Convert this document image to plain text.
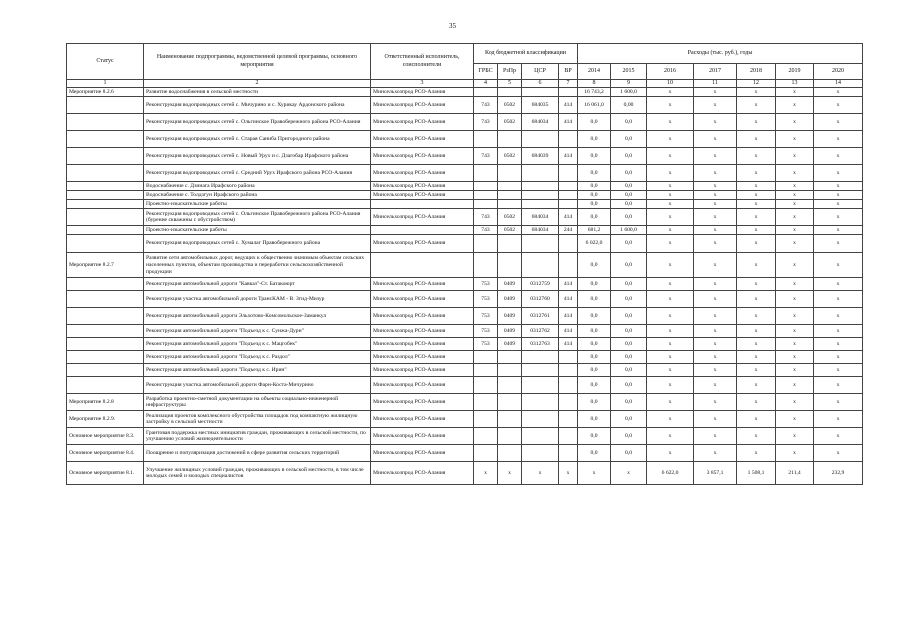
35
Статус	Наименование подпрограммы, ведомственной целевой программы, основного мероприятия	Ответственный исполнитель, соисполнители	Код бюджетной классификации				Расходы (тыс. руб.), годы						
			ГРБС	РзПр	ЦСР	ВР	2014	2015	2016	2017	2018	2019	2020
1	2	3	4	5	6	7	8	9	10	11	12	13	14
Мероприятие 8.2.6	Развитие водоснабжения в сельской местности	Минсельхозпрод РСО-Алания					16 743,2	1 600,0	х	х	х	х	х
	Реконструкция водопроводных сетей с. Мичурино и с. Хурикау Ардонского района	Минсельхозпрод РСО-Алания	743	0502	684035	414	16 061,0	0,00	х	х	х	х	х
	Реконструкция водопроводных сетей с. Ольгинское Правобережного района РСО-Алания	Минсельхозпрод РСО-Алания	743	0502	684034	414	0,0	0,0	х	х	х	х	х
	Реконструкция водопроводных сетей с. Старая Саниба Пригородного района	Минсельхозпрод РСО-Алания					0,0	0,0	х	х	х	х	х
	Реконструкция водопроводных сетей с. Новый Урух и с. Дзагобар Ирафского района	Минсельхозпрод РСО-Алания	743	0502	684039	414	0,0	0,0	х	х	х	х	х
	Реконструкция водопроводных сетей с. Средний Урух Ирафского района РСО-Алания	Минсельхозпрод РСО-Алания					0,0	0,0	х	х	х	х	х
	Водоснабжение с. Дзинага Ирафского района	Минсельхозпрод РСО-Алания					0,0	0,0	х	х	х	х	х
	Водоснабжение с. Толдзгун Ирафского района	Минсельхозпрод РСО-Алания					0,0	0,0	х	х	х	х	х
	Проектно-изыскательские работы						0,0	0,0	х	х	х	х	х
	Реконструкция водопроводных сетей с. Ольгинское Правобережного района РСО-Алания (бурение скважины с обустройством)	Минсельхозпрод РСО-Алания	743	0502	684034	414	0,0	0,0	х	х	х	х	х
	Проектно-изыскательские работы		743	0502	684034	244	681,2	1 600,0	х	х	х	х	х
	Реконструкция водопроводных сетей с. Хумалаг Правобережного района	Минсельхозпрод РСО-Алания					6 022,0	0,0	х	х	х	х	х
Мероприятие 8.2.7	Развитие сети автомобильных дорог, ведущих к общественно значимым объектам сельских населенных пунктов, объектам производства и переработки сельскохозяйственной продукции						0,0	0,0	х	х	х	х	х
	Реконструкция автомобильной дороги "Кавказ"-Ст. Батакоюрт	Минсельхозпрод РСО-Алания	753	0409	0312759	414	0,0	0,0	х	х	х	х	х
	Реконструкция участка автомобильной дороги ТрансКАМ - В. Згид-Мизур	Минсельхозпрод РСО-Алания	753	0409	0312760	414	0,0	0,0	х	х	х	х	х
	Реконструкция автомобильной дороги Эльхотово-Комсомольское-Заманкул	Минсельхозпрод РСО-Алания	753	0409	0312761	414	0,0	0,0	х	х	х	х	х
	Реконструкция автомобильной дороги "Подъезд к с. Сунжа-Дурн"	Минсельхозпрод РСО-Алания	753	0409	0312762	414	0,0	0,0	х	х	х	х	х
	Реконструкция автомобильной дороги "Подъезд к с. Мацгобек"	Минсельхозпрод РСО-Алания	753	0409	0312763	414	0,0	0,0	х	х	х	х	х
	Реконструкция автомобильной дороги "Подъезд к с. Раздол"	Минсельхозпрод РСО-Алания					0,0	0,0	х	х	х	х	х
	Реконструкция автомобильной дороги "Подъезд к с. Ирин"	Минсельхозпрод РСО-Алания					0,0	0,0	х	х	х	х	х
	Реконструкция участка автомобильной дороги Фарн-Коста-Мичурино	Минсельхозпрод РСО-Алания					0,0	0,0	х	х	х	х	х
Мероприятие 8.2.8	Разработка проектно-сметной документации на объекты социально-инженерной инфраструктуры	Минсельхозпрод РСО-Алания					0,0	0,0	х	х	х	х	х
Мероприятие 8.2.9.	Реализация проектов комплексного обустройства площадок под компактную жилищную застройку в сельской местности	Минсельхозпрод РСО-Алания					0,0	0,0	х	х	х	х	х
Основное мероприятие 8.3.	Грантовая поддержка местных инициатив граждан, проживающих в сельской местности, по улучшению условий жизнедеятельности	Минсельхозпрод РСО-Алания					0,0	0,0	х	х	х	х	х
Основное мероприятие 8.4.	Поощрение и популяризация достижений в сфере развития сельских территорий	Минсельхозпрод РСО-Алания					0,0	0,0	х	х	х	х	х
Основное мероприятие 8.1.	Улучшение жилищных условий граждан, проживающих в сельской местности, в том числе молодых семей и молодых специалистов	Минсельхозпрод РСО-Алания	х	х	х	х	х	х	6 622,0	3 857,1	1 508,1	211,4	232,9
